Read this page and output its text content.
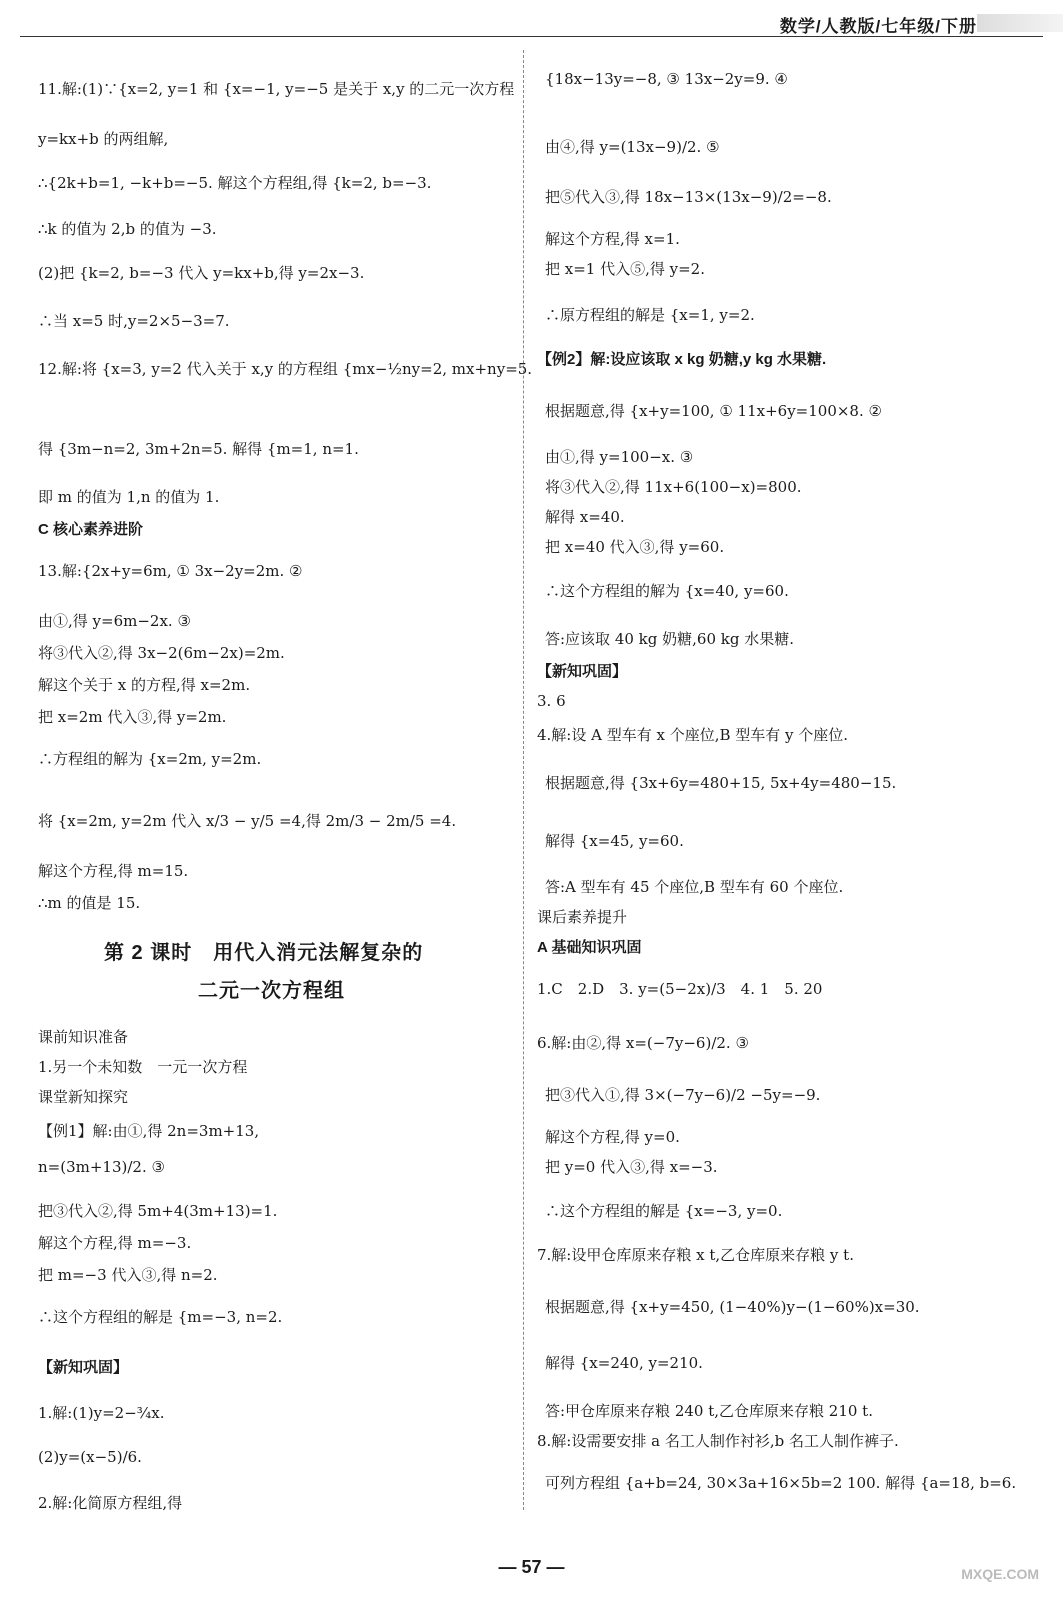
数学/人教版/七年级/下册
11.解:(1)∵{x=2, y=1 和 {x=−1, y=−5 是关于 x,y 的二元一次方程
y=kx+b 的两组解,
∴{2k+b=1, −k+b=−5. 解这个方程组,得 {k=2, b=−3.
∴k 的值为 2,b 的值为 −3.
(2)把 {k=2, b=−3 代入 y=kx+b,得 y=2x−3.
∴当 x=5 时,y=2×5−3=7.
12.解:将 {x=3, y=2 代入关于 x,y 的方程组 {mx−½ny=2, mx+ny=5.
得 {3m−n=2, 3m+2n=5. 解得 {m=1, n=1.
即 m 的值为 1,n 的值为 1.
C 核心素养进阶
13.解:{2x+y=6m, ① 3x−2y=2m. ②
由①,得 y=6m−2x. ③
将③代入②,得 3x−2(6m−2x)=2m.
解这个关于 x 的方程,得 x=2m.
把 x=2m 代入③,得 y=2m.
∴方程组的解为 {x=2m, y=2m.
将 {x=2m, y=2m 代入 x/3 − y/5 =4,得 2m/3 − 2m/5 =4.
解这个方程,得 m=15.
∴m 的值是 15.
第 2 课时　用代入消元法解复杂的
二元一次方程组
课前知识准备
1.另一个未知数　一元一次方程
课堂新知探究
【例1】解:由①,得 2n=3m+13,
n=(3m+13)/2. ③
把③代入②,得 5m+4(3m+13)=1.
解这个方程,得 m=−3.
把 m=−3 代入③,得 n=2.
∴这个方程组的解是 {m=−3, n=2.
【新知巩固】
1.解:(1)y=2−¾x.
(2)y=(x−5)/6.
2.解:化简原方程组,得
{18x−13y=−8, ③ 13x−2y=9. ④
由④,得 y=(13x−9)/2. ⑤
把⑤代入③,得 18x−13×(13x−9)/2=−8.
解这个方程,得 x=1.
把 x=1 代入⑤,得 y=2.
∴原方程组的解是 {x=1, y=2.
【例2】解:设应该取 x kg 奶糖,y kg 水果糖.
根据题意,得 {x+y=100, ① 11x+6y=100×8. ②
由①,得 y=100−x. ③
将③代入②,得 11x+6(100−x)=800.
解得 x=40.
把 x=40 代入③,得 y=60.
∴这个方程组的解为 {x=40, y=60.
答:应该取 40 kg 奶糖,60 kg 水果糖.
【新知巩固】
3. 6
4.解:设 A 型车有 x 个座位,B 型车有 y 个座位.
根据题意,得 {3x+6y=480+15, 5x+4y=480−15.
解得 {x=45, y=60.
答:A 型车有 45 个座位,B 型车有 60 个座位.
课后素养提升
A 基础知识巩固
1.C　2.D　3. y=(5−2x)/3　4. 1　5. 20
6.解:由②,得 x=(−7y−6)/2. ③
把③代入①,得 3×(−7y−6)/2 −5y=−9.
解这个方程,得 y=0.
把 y=0 代入③,得 x=−3.
∴这个方程组的解是 {x=−3, y=0.
7.解:设甲仓库原来存粮 x t,乙仓库原来存粮 y t.
根据题意,得 {x+y=450, (1−40%)y−(1−60%)x=30.
解得 {x=240, y=210.
答:甲仓库原来存粮 240 t,乙仓库原来存粮 210 t.
8.解:设需要安排 a 名工人制作衬衫,b 名工人制作裤子.
可列方程组 {a+b=24, 30×3a+16×5b=2 100. 解得 {a=18, b=6.
— 57 —	MXQE.COM
